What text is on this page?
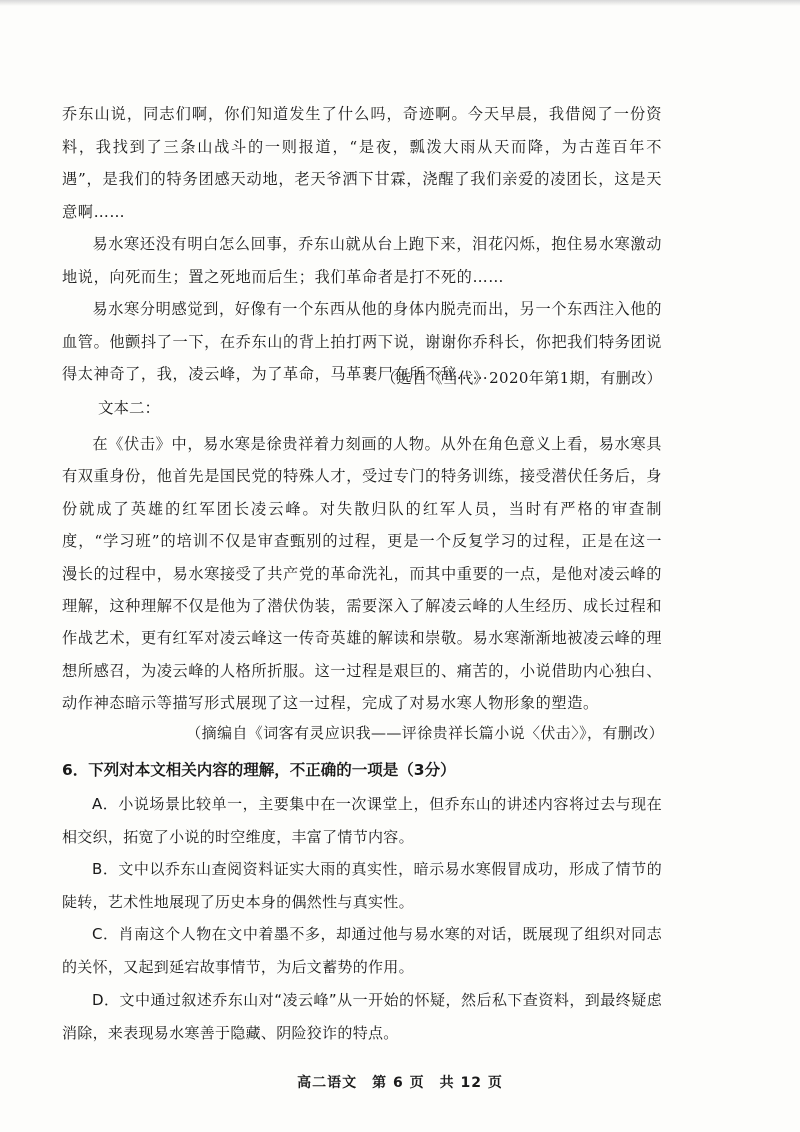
乔东山说，同志们啊，你们知道发生了什么吗，奇迹啊。今天早晨，我借阅了一份资料，我找到了三条山战斗的一则报道，“是夜，瓢泼大雨从天而降，为古莲百年不遇”，是我们的特务团感天动地，老天爷洒下甘霖，浇醒了我们亲爱的凌团长，这是天意啊……

易水寒还没有明白怎么回事，乔东山就从台上跑下来，泪花闪烁，抱住易水寒激动地说，向死而生；置之死地而后生；我们革命者是打不死的……

易水寒分明感觉到，好像有一个东西从他的身体内脱壳而出，另一个东西注入他的血管。他颤抖了一下，在乔东山的背上拍打两下说，谢谢你乔科长，你把我们特务团说得太神奇了，我，凌云峰，为了革命，马革裹尸在所不辞……

（选自《当代》2020年第1期，有删改）

文本二：

在《伏击》中，易水寒是徐贵祥着力刻画的人物。从外在角色意义上看，易水寒具有双重身份，他首先是国民党的特殊人才，受过专门的特务训练，接受潜伏任务后，身份就成了英雄的红军团长凌云峰。对失散归队的红军人员，当时有严格的审查制度，“学习班”的培训不仅是审查甄别的过程，更是一个反复学习的过程，正是在这一漫长的过程中，易水寒接受了共产党的革命洗礼，而其中重要的一点，是他对凌云峰的理解，这种理解不仅是他为了潜伏伪装，需要深入了解凌云峰的人生经历、成长过程和作战艺术，更有红军对凌云峰这一传奇英雄的解读和崇敬。易水寒渐渐地被凌云峰的理想所感召，为凌云峰的人格所折服。这一过程是艰巨的、痛苦的，小说借助内心独白、动作神态暗示等描写形式展现了这一过程，完成了对易水寒人物形象的塑造。

（摘编自《词客有灵应识我——评徐贵祥长篇小说〈伏击〉》，有删改）

6．下列对本文相关内容的理解，不正确的一项是（3分）

A．小说场景比较单一，主要集中在一次课堂上，但乔东山的讲述内容将过去与现在相交织，拓宽了小说的时空维度，丰富了情节内容。

B．文中以乔东山查阅资料证实大雨的真实性，暗示易水寒假冒成功，形成了情节的陡转，艺术性地展现了历史本身的偶然性与真实性。

C．肖南这个人物在文中着墨不多，却通过他与易水寒的对话，既展现了组织对同志的关怀，又起到延宕故事情节，为后文蓄势的作用。

D．文中通过叙述乔东山对“凌云峰”从一开始的怀疑，然后私下查资料，到最终疑虑消除，来表现易水寒善于隐藏、阴险狡诈的特点。

高二语文　第 6 页　共 12 页
